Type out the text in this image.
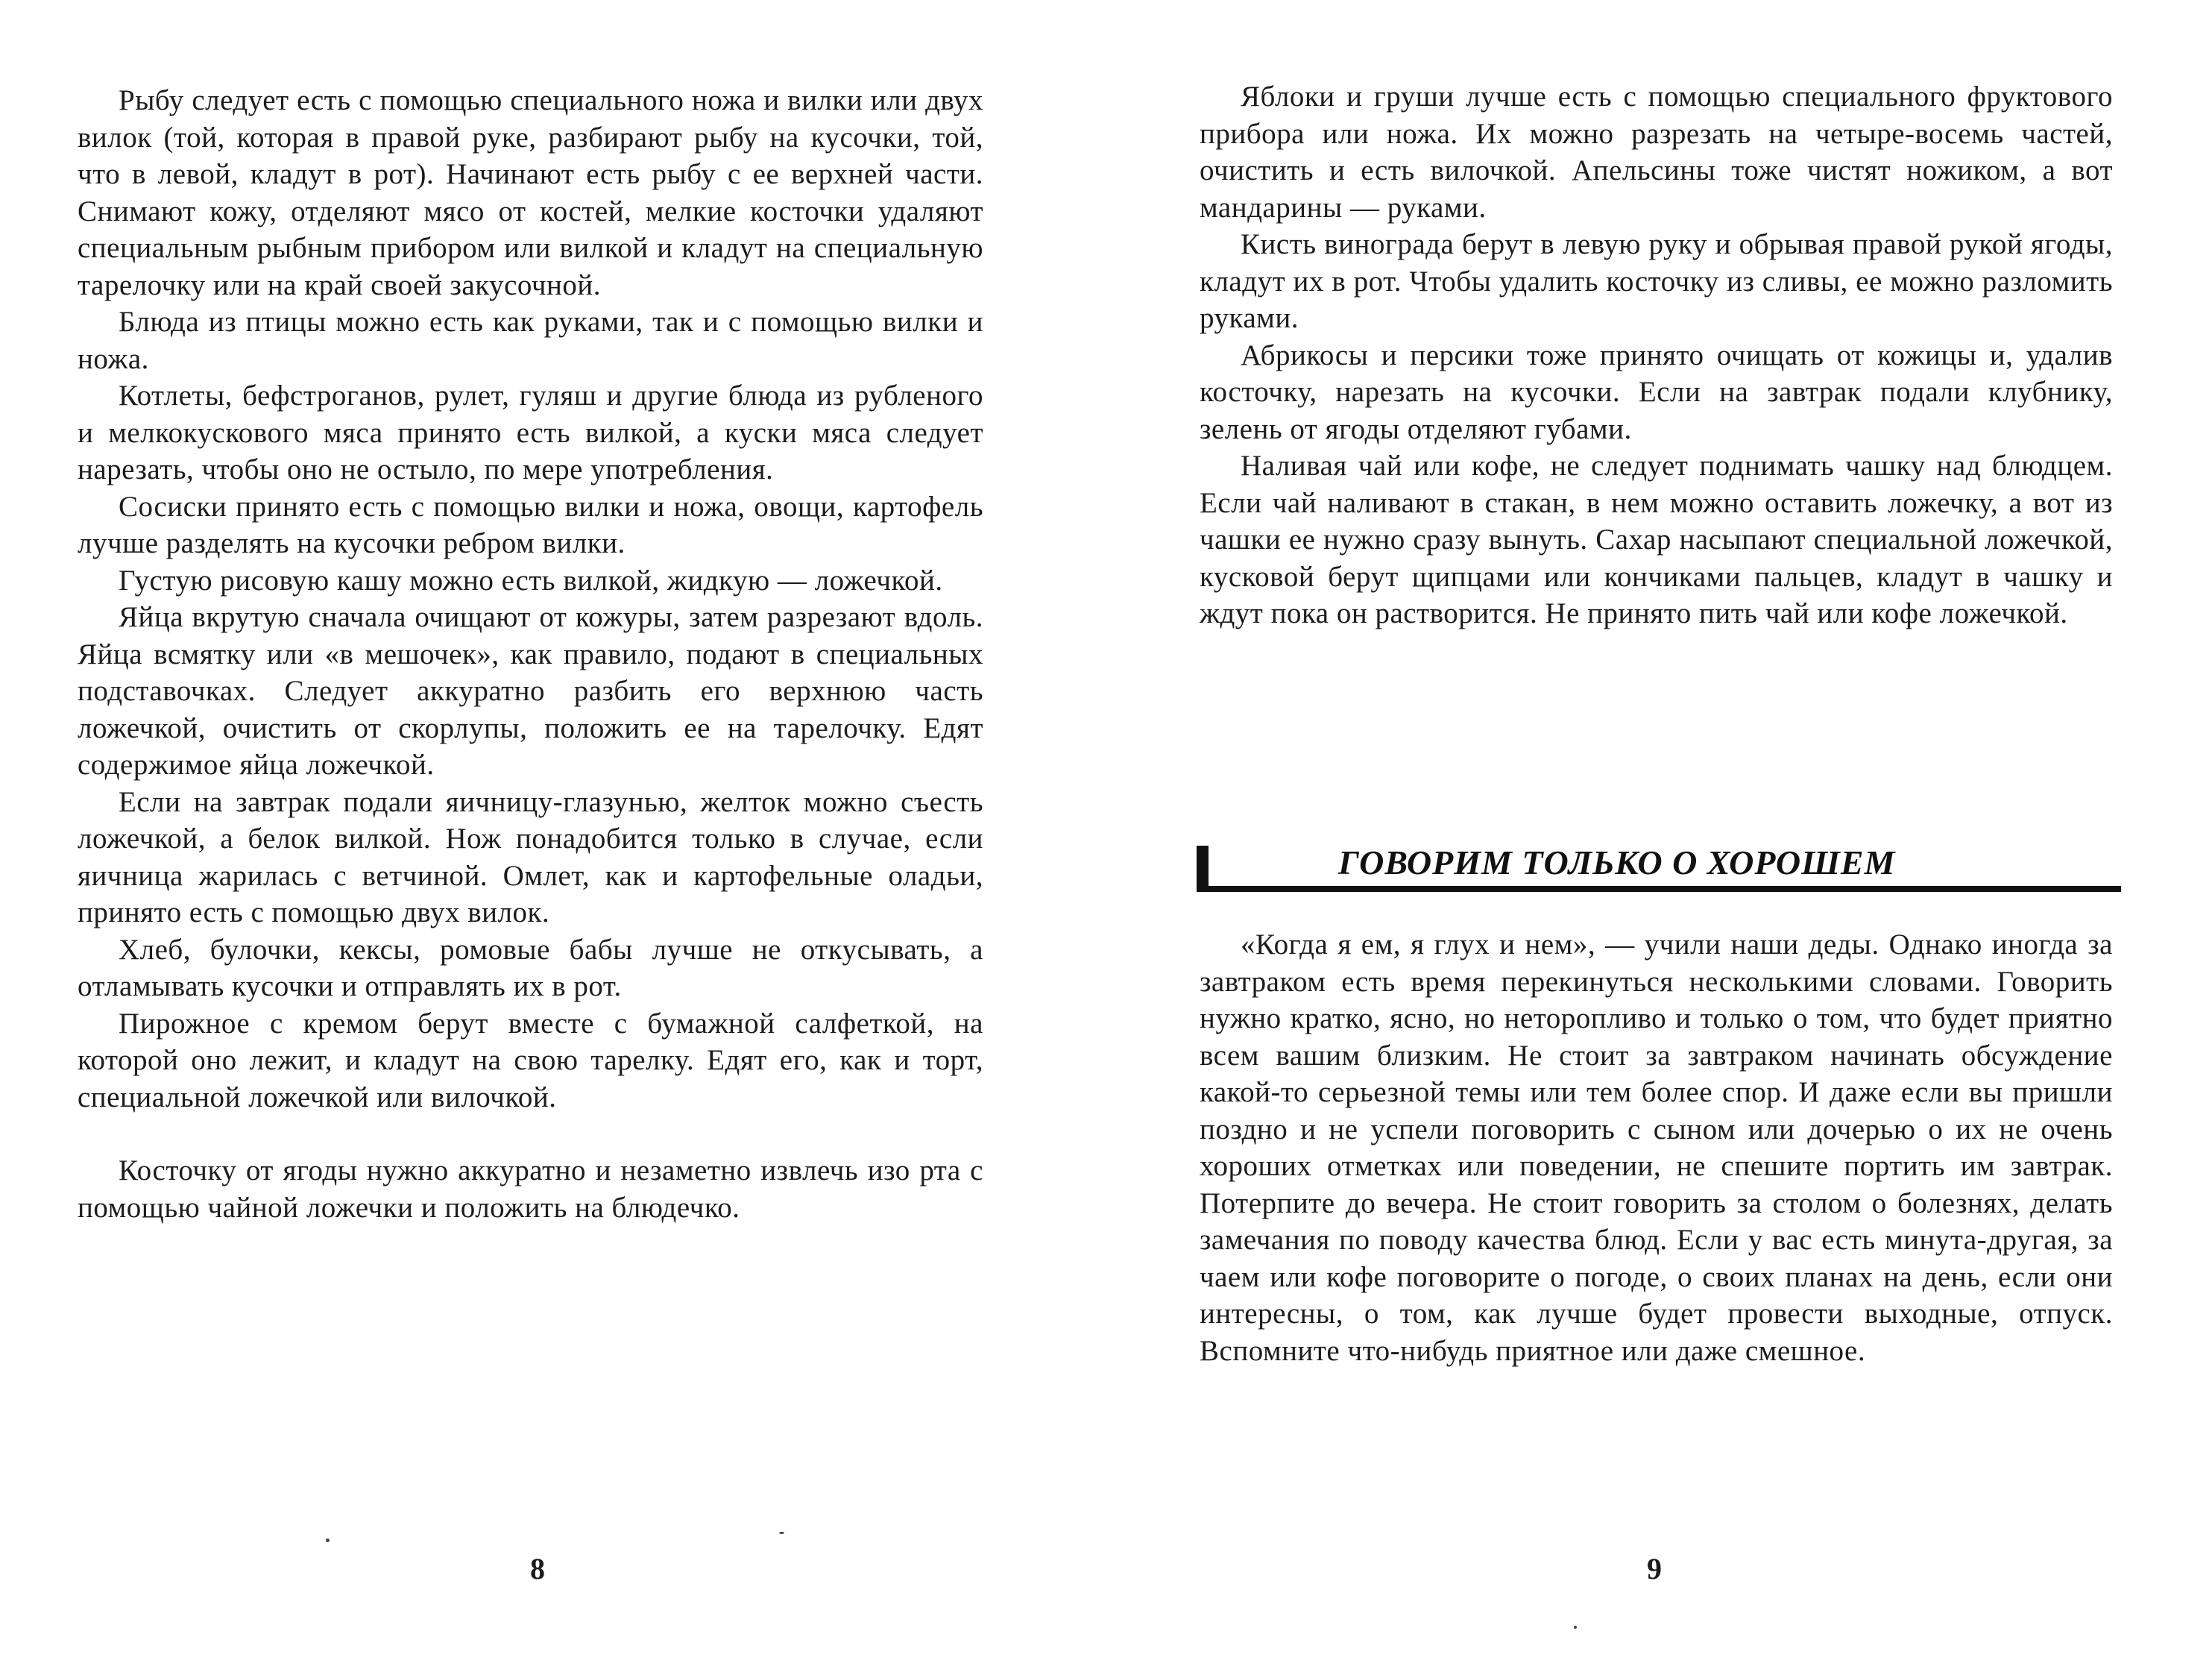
Рыбу следует есть с помощью специального ножа и вилки или двух вилок (той, которая в правой руке, разбирают рыбу на кусочки, той, что в левой, кладут в рот). Начинают есть рыбу с ее верхней части. Снимают кожу, отделяют мясо от костей, мелкие косточки удаляют специальным рыбным прибором или вилкой и кладут на специальную тарелочку или на край своей закусочной.

Блюда из птицы можно есть как руками, так и с помощью вилки и ножа.

Котлеты, бефстроганов, рулет, гуляш и другие блюда из рубленого и мелкокускового мяса принято есть вилкой, а куски мяса следует нарезать, чтобы оно не остыло, по мере употребления.

Сосиски принято есть с помощью вилки и ножа, овощи, картофель лучше разделять на кусочки ребром вилки.

Густую рисовую кашу можно есть вилкой, жидкую — ложечкой.

Яйца вкрутую сначала очищают от кожуры, затем разрезают вдоль. Яйца всмятку или «в мешочек», как правило, подают в специальных подставочках. Следует аккуратно разбить его верхнюю часть ложечкой, очистить от скорлупы, положить ее на тарелочку. Едят содержимое яйца ложечкой.

Если на завтрак подали яичницу-глазунью, желток можно съесть ложечкой, а белок вилкой. Нож понадобится только в случае, если яичница жарилась с ветчиной. Омлет, как и картофельные оладьи, принято есть с помощью двух вилок.

Хлеб, булочки, кексы, ромовые бабы лучше не откусывать, а отламывать кусочки и отправлять их в рот.

Пирожное с кремом берут вместе с бумажной салфеткой, на которой оно лежит, и кладут на свою тарелку. Едят его, как и торт, специальной ложечкой или вилочкой.

Косточку от ягоды нужно аккуратно и незаметно извлечь изо рта с помощью чайной ложечки и положить на блюдечко.

8

Яблоки и груши лучше есть с помощью специального фруктового прибора или ножа. Их можно разрезать на четыре-восемь частей, очистить и есть вилочкой. Апельсины тоже чистят ножиком, а вот мандарины — руками.

Кисть винограда берут в левую руку и обрывая правой рукой ягоды, кладут их в рот. Чтобы удалить косточку из сливы, ее можно разломить руками.

Абрикосы и персики тоже принято очищать от кожицы и, удалив косточку, нарезать на кусочки. Если на завтрак подали клубнику, зелень от ягоды отделяют губами.

Наливая чай или кофе, не следует поднимать чашку над блюдцем. Если чай наливают в стакан, в нем можно оставить ложечку, а вот из чашки ее нужно сразу вынуть. Сахар насыпают специальной ложечкой, кусковой берут щипцами или кончиками пальцев, кладут в чашку и ждут пока он растворится. Не принято пить чай или кофе ложечкой.

ГОВОРИМ ТОЛЬКО О ХОРОШЕМ

«Когда я ем, я глух и нем», — учили наши деды. Однако иногда за завтраком есть время перекинуться несколькими словами. Говорить нужно кратко, ясно, но неторопливо и только о том, что будет приятно всем вашим близким. Не стоит за завтраком начинать обсуждение какой-то серьезной темы или тем более спор. И даже если вы пришли поздно и не успели поговорить с сыном или дочерью о их не очень хороших отметках или поведении, не спешите портить им завтрак. Потерпите до вечера. Не стоит говорить за столом о болезнях, делать замечания по поводу качества блюд. Если у вас есть минута-другая, за чаем или кофе поговорите о погоде, о своих планах на день, если они интересны, о том, как лучше будет провести выходные, отпуск. Вспомните что-нибудь приятное или даже смешное.

9
